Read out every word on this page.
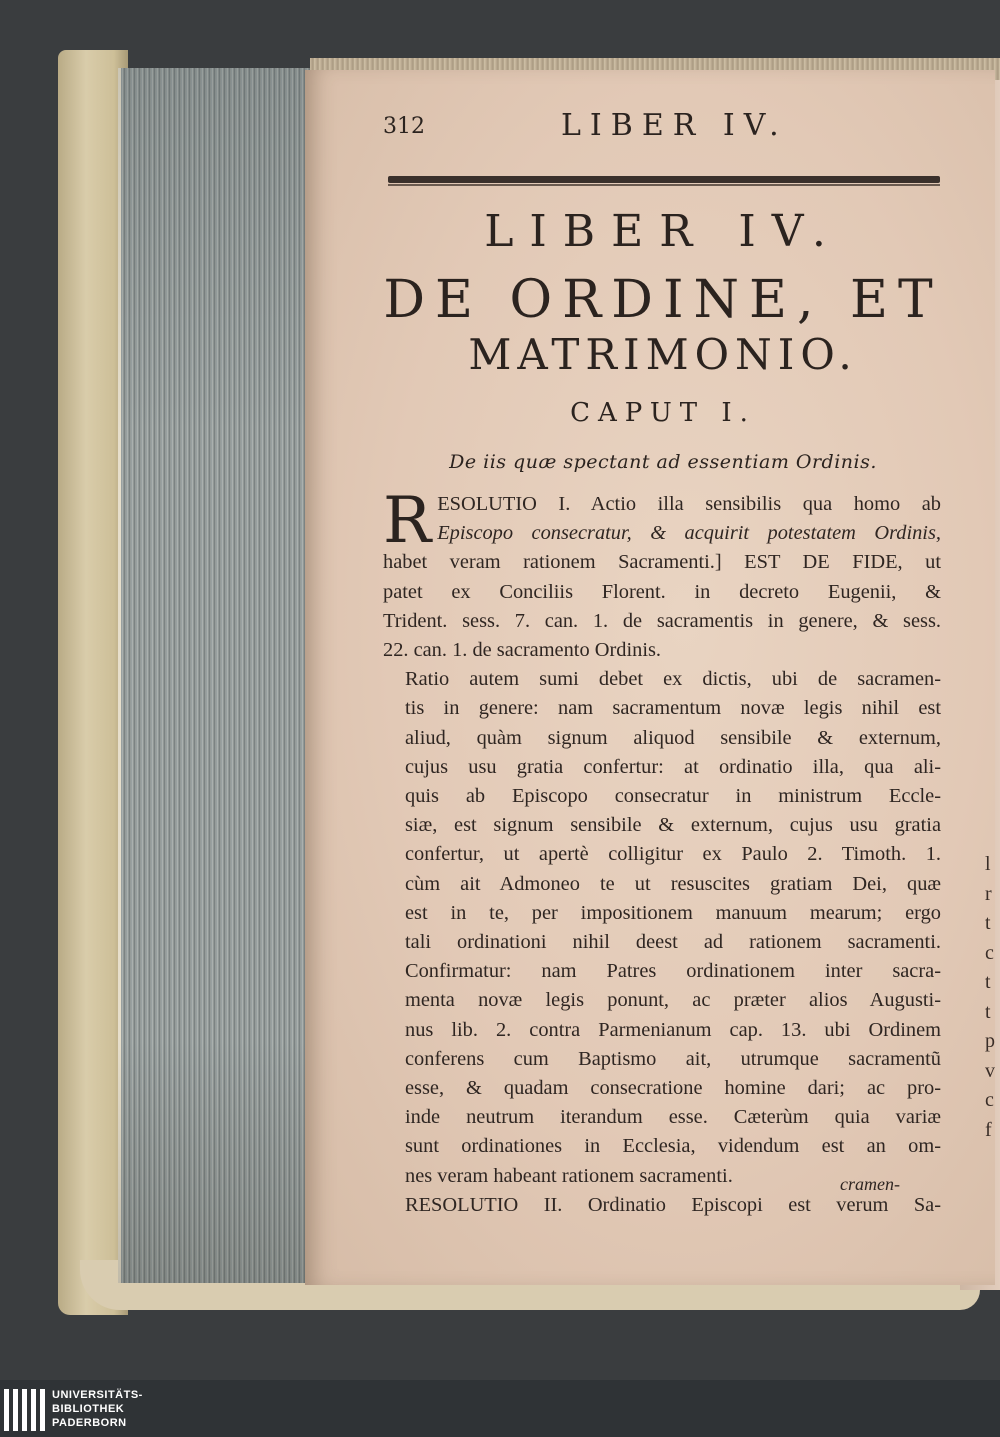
312	LIBER IV.
LIBER IV.
DE ORDINE, ET
MATRIMONIO.
CAPUT I.
De iis quæ spectant ad essentiam Ordinis.

R ESOLUTIO I. Actio illa sensibilis qua homo ab
Episcopo consecratur, & acquirit potestatem Ordinis,
habet veram rationem Sacramenti.] EST DE FIDE, ut
patet ex Conciliis Florent. in decreto Eugenii, &
Trident. sess. 7. can. 1. de sacramentis in genere, & sess.
22. can. 1. de sacramento Ordinis.

Ratio autem sumi debet ex dictis, ubi de sacramen-
tis in genere: nam sacramentum novæ legis nihil est
aliud, quàm signum aliquod sensibile & externum,
cujus usu gratia confertur: at ordinatio illa, qua ali-
quis ab Episcopo consecratur in ministrum Eccle-
siæ, est signum sensibile & externum, cujus usu gratia
confertur, ut apertè colligitur ex Paulo 2. Timoth. 1.
cùm ait Admoneo te ut resuscites gratiam Dei, quæ
est in te, per impositionem manuum mearum; ergo
tali ordinationi nihil deest ad rationem sacramenti.
Confirmatur: nam Patres ordinationem inter sacra-
menta novæ legis ponunt, ac præter alios Augusti-
nus lib. 2. contra Parmenianum cap. 13. ubi Ordinem
conferens cum Baptismo ait, utrumque sacramentũ
esse, & quadam consecratione homine dari; ac pro-
inde neutrum iterandum esse. Cæterùm quia variæ
sunt ordinationes in Ecclesia, videndum est an om-
nes veram habeant rationem sacramenti.

RESOLUTIO II. Ordinatio Episcopi est verum Sa-

cramen-
l
r
t
c
t
t
p
v
c
f
UNIVERSITÄTS-
BIBLIOTHEK
PADERBORN
